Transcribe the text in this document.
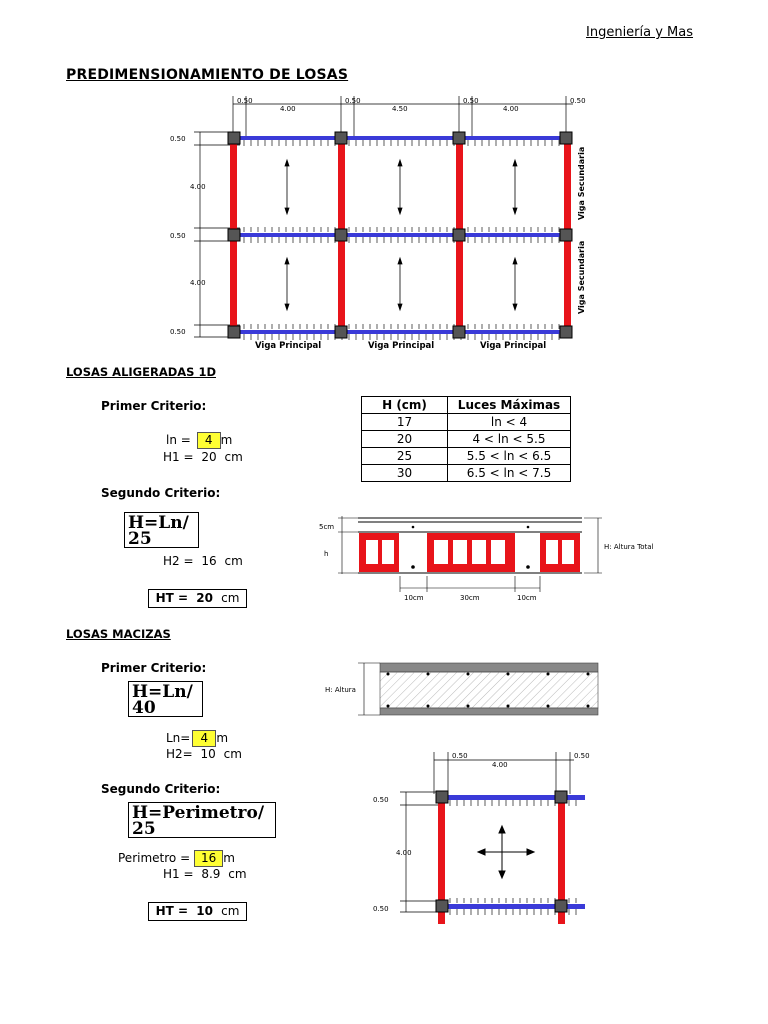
Ingeniería y Mas
PREDIMENSIONAMIENTO DE LOSAS
0.50
4.00
0.50
4.50
0.50
4.00
0.50
0.50
4.00
0.50
4.00
0.50
Viga Secundaria
Viga Secundaria
Viga Principal	Viga Principal	Viga Principal
LOSAS ALIGERADAS 1D
Primer Criterio:
ln = 4 m
H1 = 20 cm
H (cm)	Luces Máximas
17	ln < 4
20	4 < ln < 5.5
25	5.5 < ln < 6.5
30	6.5 < ln < 7.5
Segundo Criterio:
H=Ln/25
H2 = 16 cm
HT = 20 cm
5cm
h
H: Altura Total
10cm	30cm	10cm
LOSAS MACIZAS
Primer Criterio:
H=Ln/40
Ln= 4 m
H2= 10 cm
H: Altura
Segundo Criterio:
H=Perimetro/25
Perimetro = 16 m
H1 = 8.9 cm
HT = 10 cm
0.50
4.00
0.50
0.50
4.00
0.50
